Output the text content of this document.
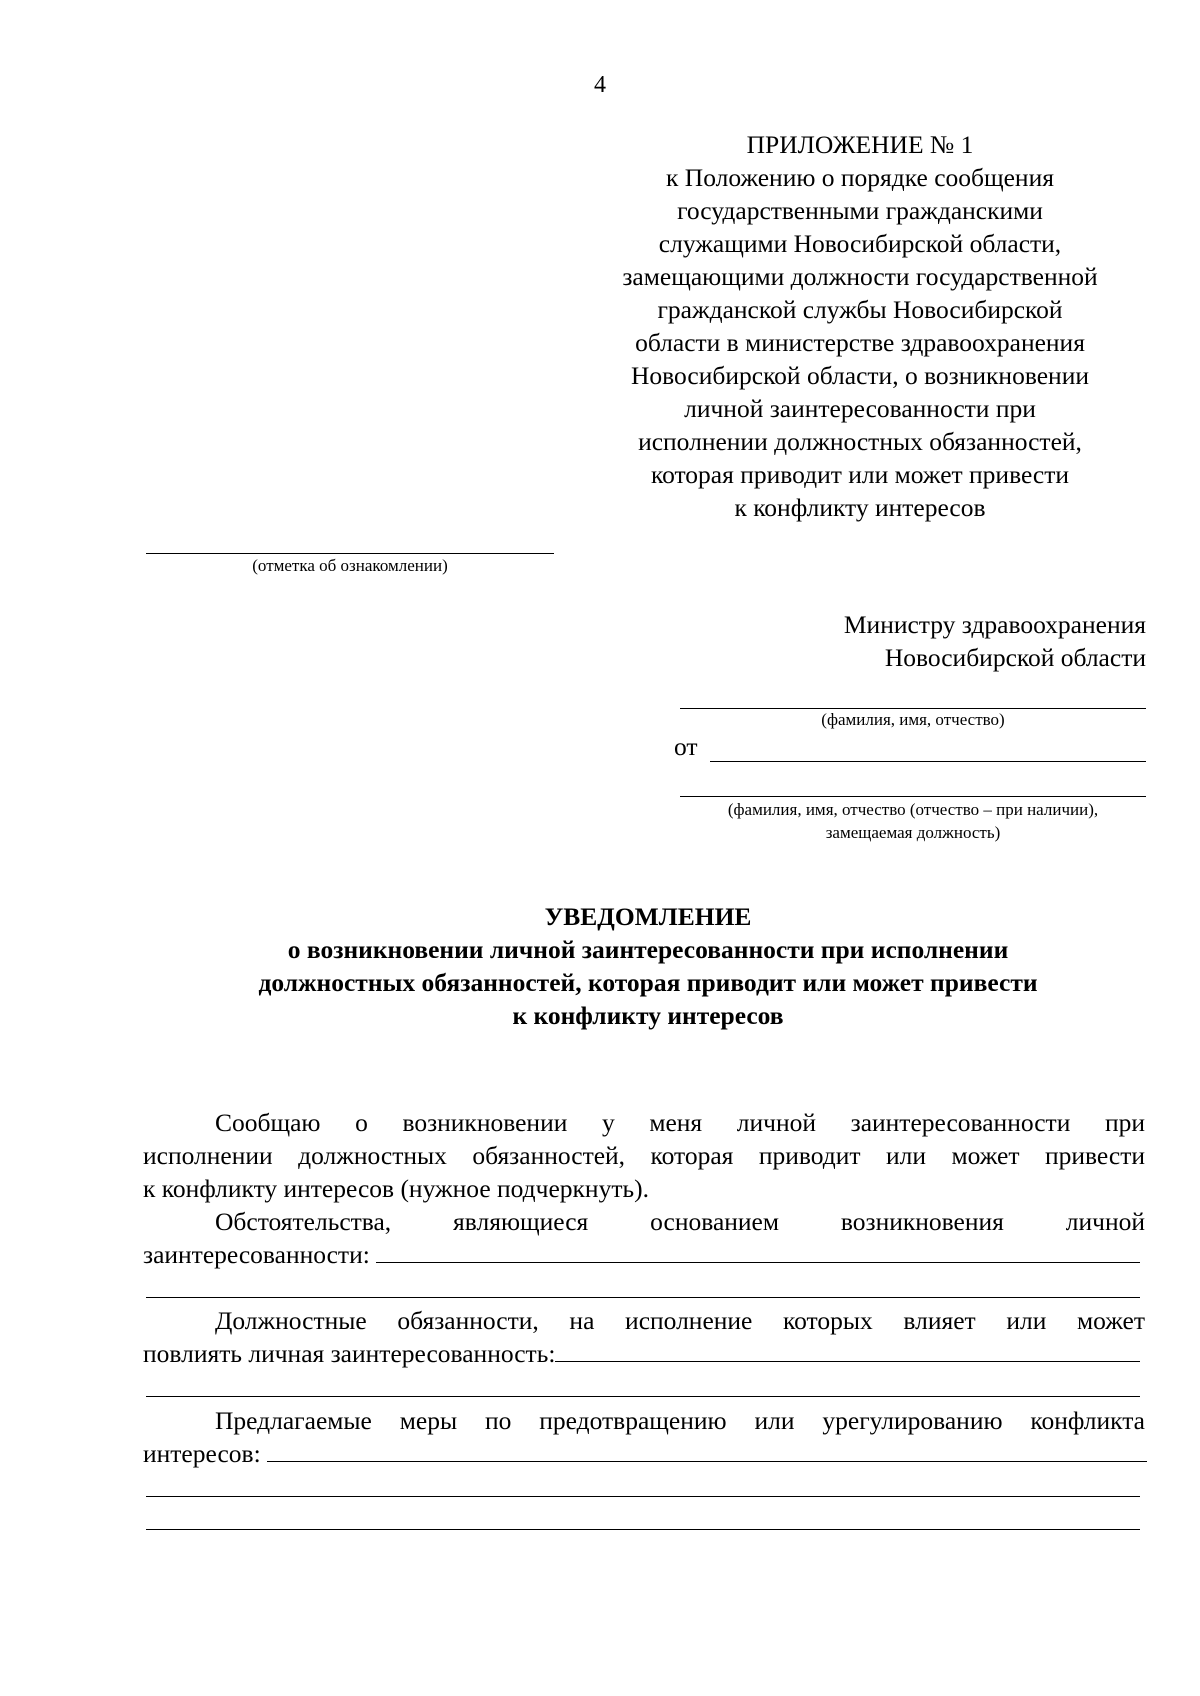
4
ПРИЛОЖЕНИЕ № 1
к Положению о порядке сообщения
государственными гражданскими
служащими Новосибирской области,
замещающими должности государственной
гражданской службы Новосибирской
области в министерстве здравоохранения
Новосибирской области, о возникновении
личной заинтересованности при
исполнении должностных обязанностей,
которая приводит или может привести
к конфликту интересов
(отметка об ознакомлении)
Министру здравоохранения
Новосибирской области
(фамилия, имя, отчество)
от
(фамилия, имя, отчество (отчество – при наличии),
замещаемая должность)
УВЕДОМЛЕНИЕ
о возникновении личной заинтересованности при исполнении
должностных обязанностей, которая приводит или может привести
к конфликту интересов
Сообщаю о возникновении у меня личной заинтересованности при
исполнении должностных обязанностей, которая приводит или может привести
к конфликту интересов (нужное подчеркнуть).
Обстоятельства, являющиеся основанием возникновения личной
заинтересованности:
Должностные обязанности, на исполнение которых влияет или может
повлиять личная заинтересованность:
Предлагаемые меры по предотвращению или урегулированию конфликта
интересов:
